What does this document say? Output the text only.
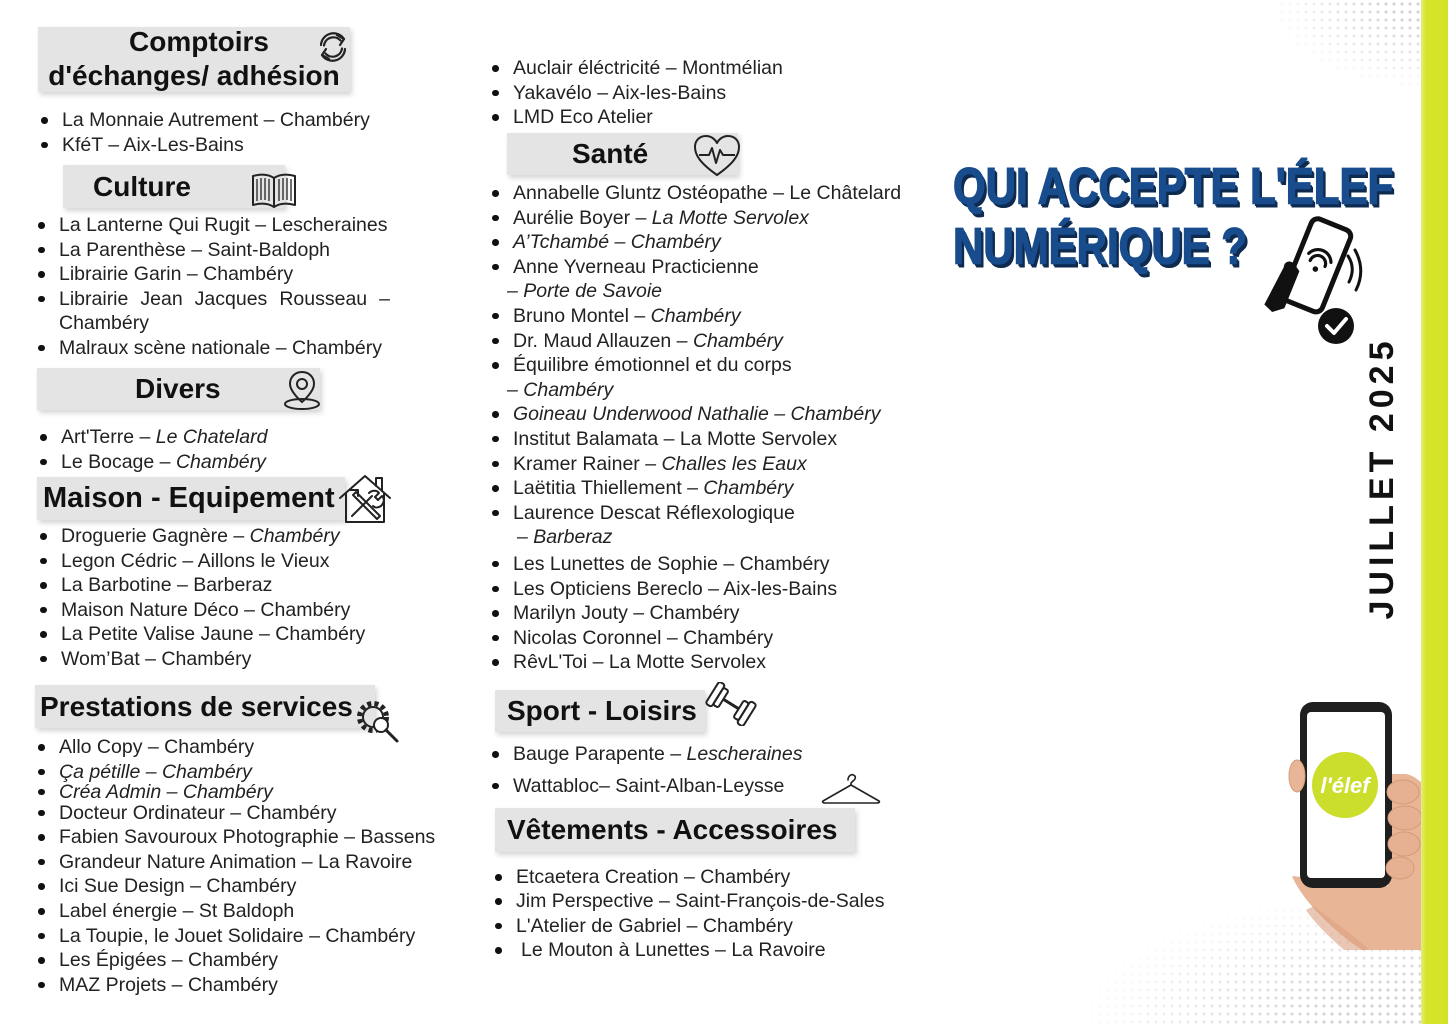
Comptoirs
d'échanges/ adhésion
La Monnaie Autrement – Chambéry
KféT – Aix-Les-Bains
Culture
La Lanterne Qui Rugit – Lescheraines
La Parenthèse – Saint-Baldoph
Librairie Garin – Chambéry
Librairie Jean Jacques Rousseau – Chambéry
Malraux scène nationale – Chambéry
Divers
Art'Terre – Le Chatelard
Le Bocage – Chambéry
Maison - Equipement
Droguerie Gagnère – Chambéry
Legon Cédric – Aillons le Vieux
La Barbotine – Barberaz
Maison Nature Déco – Chambéry
La Petite Valise Jaune – Chambéry
Wom’Bat – Chambéry
Prestations de services
Allo Copy – Chambéry
Ça pétille – Chambéry
Créa Admin – Chambéry
Docteur Ordinateur – Chambéry
Fabien Savouroux Photographie – Bassens
Grandeur Nature Animation – La Ravoire
Ici Sue Design – Chambéry
Label énergie – St Baldoph
La Toupie, le Jouet Solidaire – Chambéry
Les Épigées – Chambéry
MAZ Projets – Chambéry
Auclair éléctricité – Montmélian
Yakavélo – Aix-les-Bains
LMD Eco Atelier
Santé
Annabelle Gluntz Ostéopathe – Le Châtelard
Aurélie Boyer – La Motte Servolex
A’Tchambé – Chambéry
Anne Yverneau Practicienne
– Porte de Savoie
Bruno Montel – Chambéry
Dr. Maud Allauzen – Chambéry
Équilibre émotionnel et du corps
– Chambéry
Goineau Underwood Nathalie – Chambéry
Institut Balamata – La Motte Servolex
Kramer Rainer – Challes les Eaux
Laëtitia Thiellement – Chambéry
Laurence Descat Réflexologique
– Barberaz
Les Lunettes de Sophie – Chambéry
Les Opticiens Bereclo – Aix-les-Bains
Marilyn Jouty – Chambéry
Nicolas Coronnel – Chambéry
RêvL'Toi – La Motte Servolex
Sport - Loisirs
Bauge Parapente – Lescheraines
Wattabloc– Saint-Alban-Leysse
Vêtements - Accessoires
Etcaetera Creation – Chambéry
Jim Perspective – Saint-François-de-Sales
L'Atelier de Gabriel – Chambéry
Le Mouton à Lunettes – La Ravoire
QUI ACCEPTE L'ÉLEF
NUMÉRIQUE ?
JUILLET 2025
l'élef
